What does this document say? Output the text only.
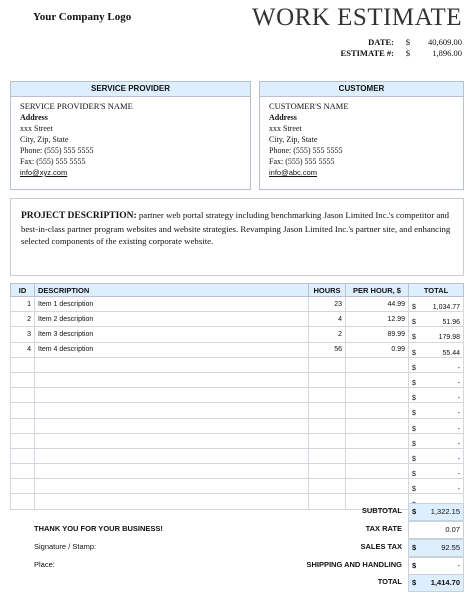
Your Company Logo	WORK ESTIMATE
DATE: $ 40,609.00
ESTIMATE #: $	1,896.00
SERVICE PROVIDER
SERVICE PROVIDER'S NAME
Address
xxx Street
City, Zip, State
Phone: (555) 555 5555
Fax: (555) 555 5555
info@xyz.com
CUSTOMER
CUSTOMER'S NAME
Address
xxx Street
City, Zip, State
Phone: (555) 555 5555
Fax: (555) 555 5555
info@abc.com
PROJECT DESCRIPTION: partner web portal strategy including benchmarking Jason Limited Inc.'s competitor and best-in-class partner program websites and website strategies. Revamping Jason Limited Inc.'s partner site, and enhancing selected components of the existing corporate website.
ID	DESCRIPTION	HOURS	PER HOUR, $	TOTAL
1	Item 1 description	23	44.99	$ 1,034.77

2	Item 2 description	4	12.99	$ 51.96

3	Item 3 description	2	89.99	$ 179.98

4	Item 4 description	56	0.99	$ 55.44

				$ -

				$ -

				$ -

				$ -

				$ -

				$ -

				$ -

				$ -

				$ -

SUBTOTAL $ 1,322.15
THANK YOU FOR YOUR BUSINESS!	TAX RATE	0.07
Signature / Stamp:	SALES TAX $	92.55
Place:	SHIPPING AND HANDLING $	-
TOTAL $ 1,414.70
